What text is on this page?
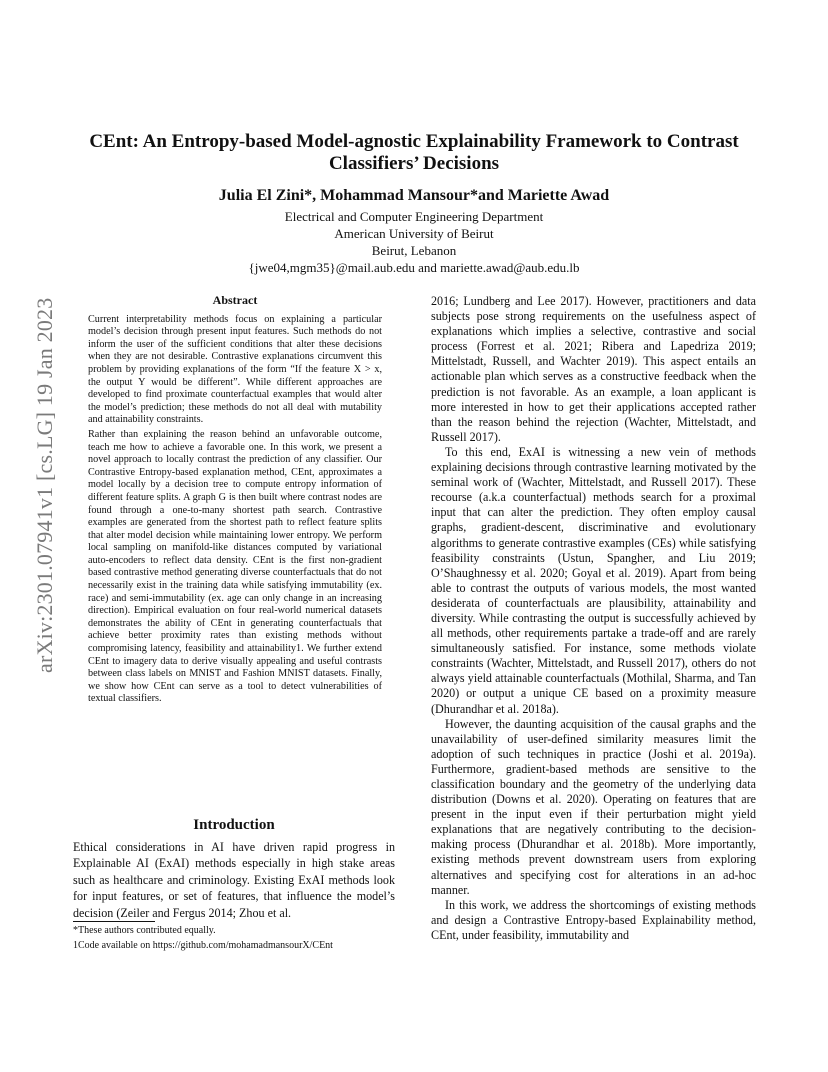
arXiv:2301.07941v1 [cs.LG] 19 Jan 2023
CEnt: An Entropy-based Model-agnostic Explainability Framework to Contrast Classifiers’ Decisions
Julia El Zini*, Mohammad Mansour*and Mariette Awad
Electrical and Computer Engineering Department
American University of Beirut
Beirut, Lebanon
{jwe04,mgm35}@mail.aub.edu and mariette.awad@aub.edu.lb
Abstract

Current interpretability methods focus on explaining a particular model’s decision through present input features. Such methods do not inform the user of the sufficient conditions that alter these decisions when they are not desirable. Contrastive explanations circumvent this problem by providing explanations of the form “If the feature X > x, the output Y would be different”. While different approaches are developed to find proximate counterfactual examples that would alter the model’s prediction; these methods do not all deal with mutability and attainability constraints.

Rather than explaining the reason behind an unfavorable outcome, teach me how to achieve a favorable one. In this work, we present a novel approach to locally contrast the prediction of any classifier. Our Contrastive Entropy-based explanation method, CEnt, approximates a model locally by a decision tree to compute entropy information of different feature splits. A graph G is then built where contrast nodes are found through a one-to-many shortest path search. Contrastive examples are generated from the shortest path to reflect feature splits that alter model decision while maintaining lower entropy. We perform local sampling on manifold-like distances computed by variational auto-encoders to reflect data density. CEnt is the first non-gradient based contrastive method generating diverse counterfactuals that do not necessarily exist in the training data while satisfying immutability (ex. race) and semi-immutability (ex. age can only change in an increasing direction). Empirical evaluation on four real-world numerical datasets demonstrates the ability of CEnt in generating counterfactuals that achieve better proximity rates than existing methods without compromising latency, feasibility and attainability1. We further extend CEnt to imagery data to derive visually appealing and useful contrasts between class labels on MNIST and Fashion MNIST datasets. Finally, we show how CEnt can serve as a tool to detect vulnerabilities of textual classifiers.

Introduction

Ethical considerations in AI have driven rapid progress in Explainable AI (ExAI) methods especially in high stake areas such as healthcare and criminology. Existing ExAI methods look for input features, or set of features, that influence the model’s decision (Zeiler and Fergus 2014; Zhou et al.

*These authors contributed equally.
1Code available on https://github.com/mohamadmansourX/CEnt

2016; Lundberg and Lee 2017). However, practitioners and data subjects pose strong requirements on the usefulness aspect of explanations which implies a selective, contrastive and social process (Forrest et al. 2021; Ribera and Lapedriza 2019; Mittelstadt, Russell, and Wachter 2019). This aspect entails an actionable plan which serves as a constructive feedback when the prediction is not favorable. As an example, a loan applicant is more interested in how to get their applications accepted rather than the reason behind the rejection (Wachter, Mittelstadt, and Russell 2017).

To this end, ExAI is witnessing a new vein of methods explaining decisions through contrastive learning motivated by the seminal work of (Wachter, Mittelstadt, and Russell 2017). These recourse (a.k.a counterfactual) methods search for a proximal input that can alter the prediction. They often employ causal graphs, gradient-descent, discriminative and evolutionary algorithms to generate contrastive examples (CEs) while satisfying feasibility constraints (Ustun, Spangher, and Liu 2019; O’Shaughnessy et al. 2020; Goyal et al. 2019). Apart from being able to contrast the outputs of various models, the most wanted desiderata of counterfactuals are plausibility, attainability and diversity. While contrasting the output is successfully achieved by all methods, other requirements partake a trade-off and are rarely simultaneously satisfied. For instance, some methods violate constraints (Wachter, Mittelstadt, and Russell 2017), others do not always yield attainable counterfactuals (Mothilal, Sharma, and Tan 2020) or output a unique CE based on a proximity measure (Dhurandhar et al. 2018a).

However, the daunting acquisition of the causal graphs and the unavailability of user-defined similarity measures limit the adoption of such techniques in practice (Joshi et al. 2019a). Furthermore, gradient-based methods are sensitive to the classification boundary and the geometry of the underlying data distribution (Downs et al. 2020). Operating on features that are present in the input even if their perturbation might yield explanations that are negatively contributing to the decision-making process (Dhurandhar et al. 2018b). More importantly, existing methods prevent downstream users from exploring alternatives and specifying cost for alterations in an ad-hoc manner.

In this work, we address the shortcomings of existing methods and design a Contrastive Entropy-based Explainability method, CEnt, under feasibility, immutability and
